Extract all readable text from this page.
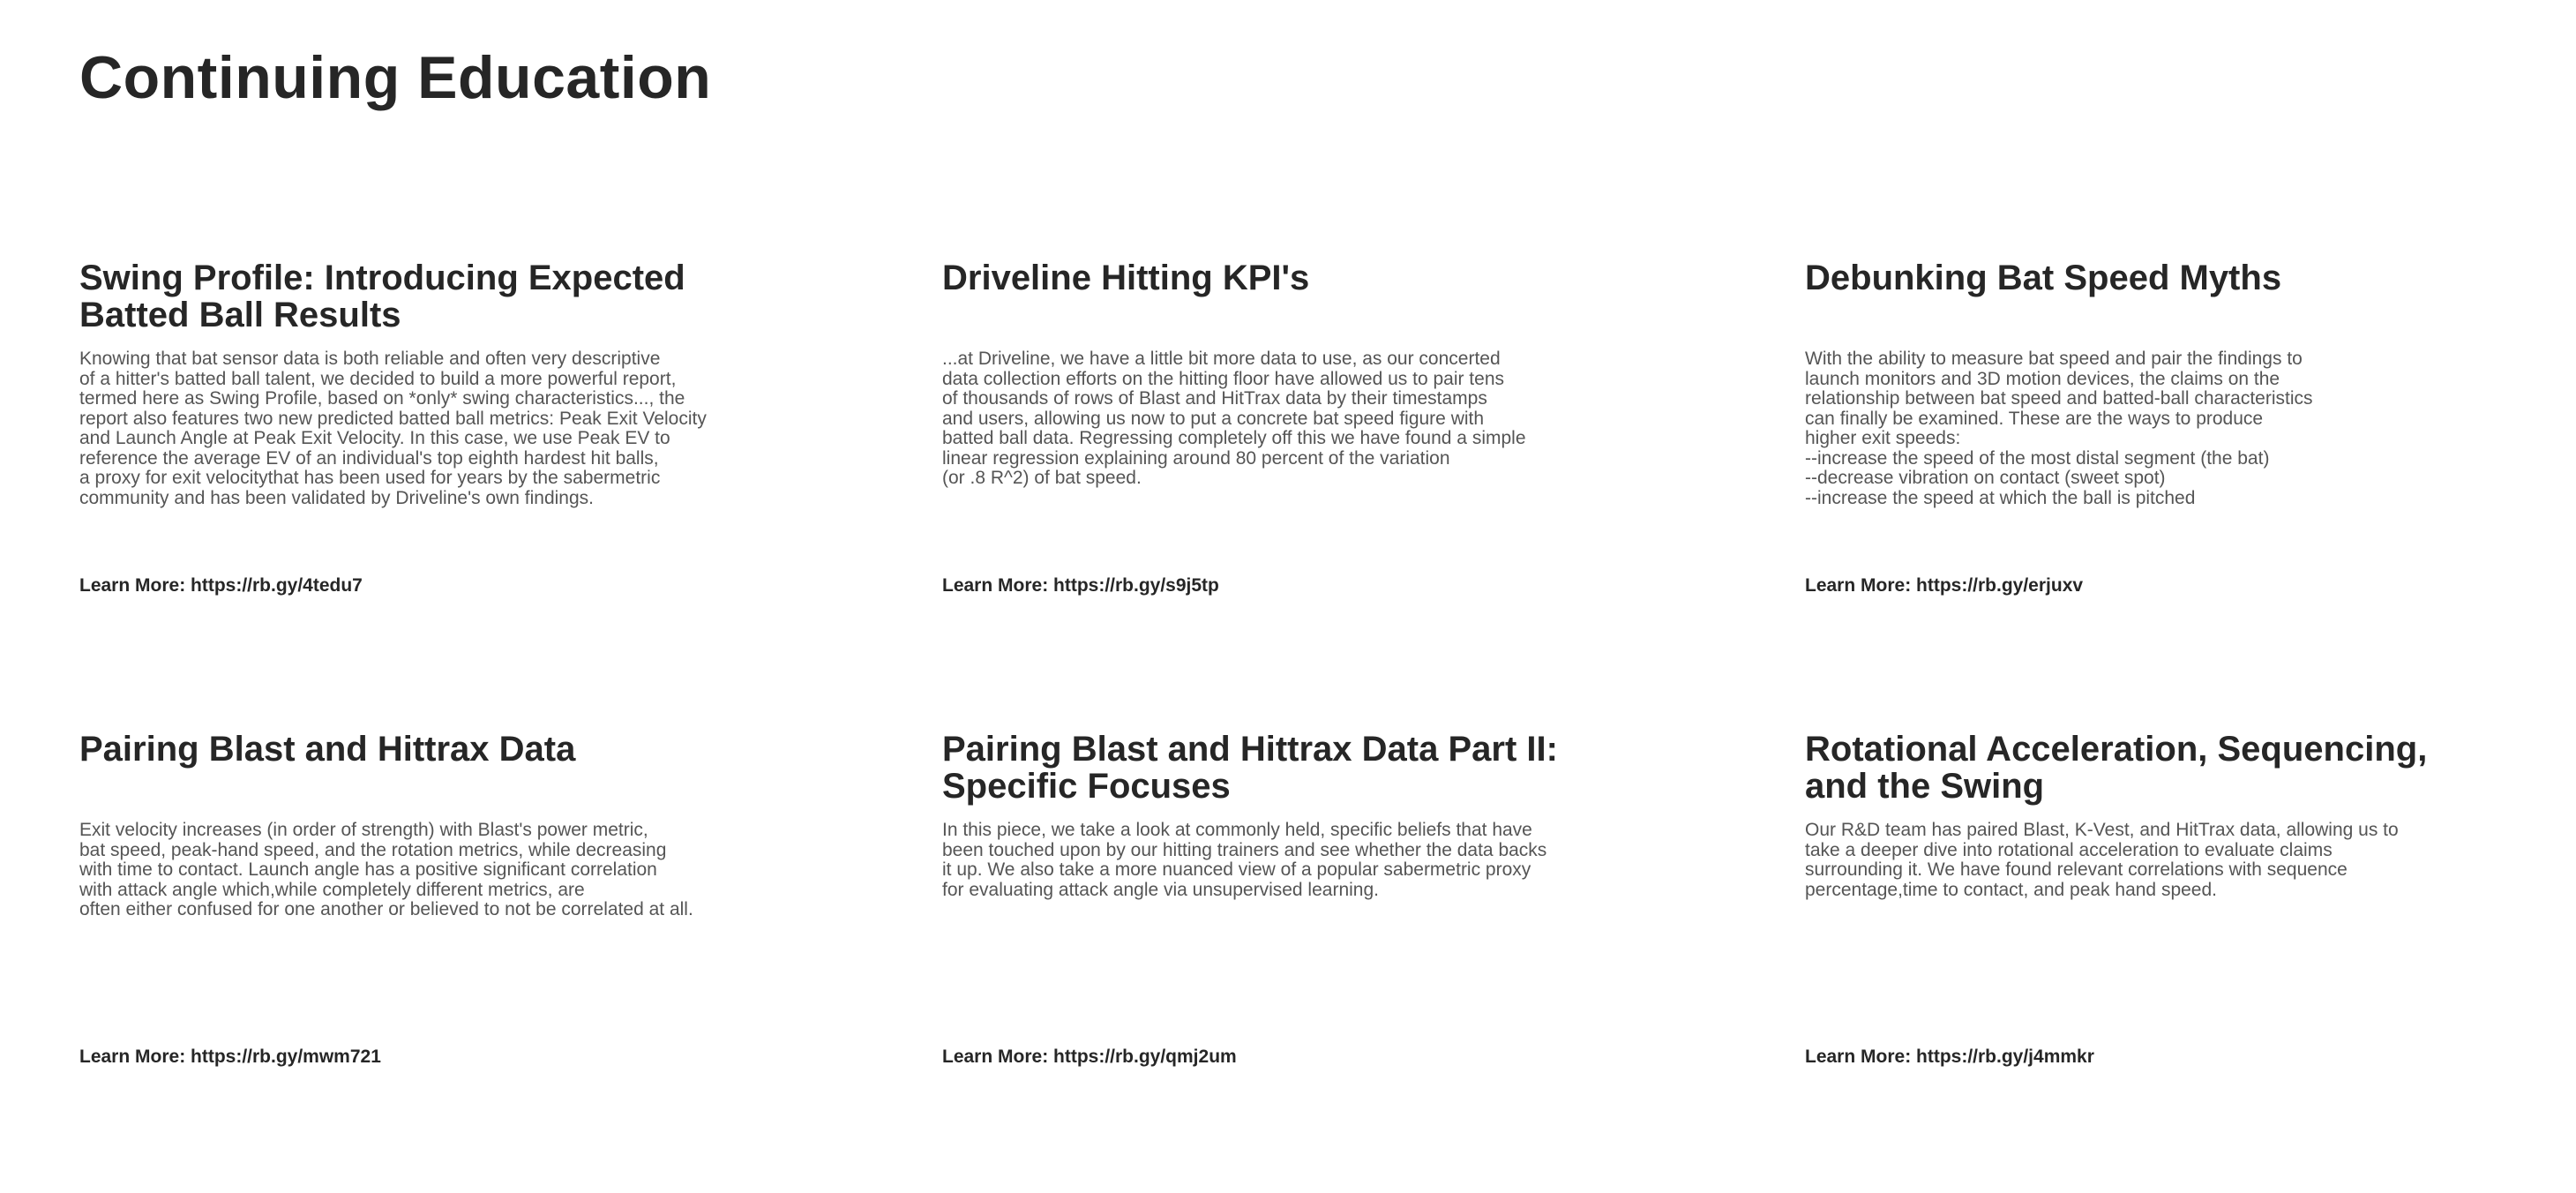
Continuing Education
Swing Profile: Introducing Expected
Batted Ball Results

Knowing that bat sensor data is both reliable and often very descriptive
of a hitter's batted ball talent, we decided to build a more powerful report,
termed here as Swing Profile, based on *only* swing characteristics..., the
report also features two new predicted batted ball metrics: Peak Exit Velocity
and Launch Angle at Peak Exit Velocity. In this case, we use Peak EV to
reference the average EV of an individual's top eighth hardest hit balls,
a proxy for exit velocitythat has been used for years by the sabermetric
community and has been validated by Driveline's own findings.

Learn More: https://rb.gy/4tedu7
Driveline Hitting KPI's

...at Driveline, we have a little bit more data to use, as our concerted
data collection efforts on the hitting floor have allowed us to pair tens
of thousands of rows of Blast and HitTrax data by their timestamps
and users, allowing us now to put a concrete bat speed figure with
batted ball data. Regressing completely off this we have found a simple
linear regression explaining around 80 percent of the variation
(or .8 R^2) of bat speed.

Learn More: https://rb.gy/s9j5tp
Debunking Bat Speed Myths

With the ability to measure bat speed and pair the findings to
launch monitors and 3D motion devices, the claims on the
relationship between bat speed and batted-ball characteristics
can finally be examined. These are the ways to produce
higher exit speeds:
--increase the speed of the most distal segment (the bat)
--decrease vibration on contact (sweet spot)
--increase the speed at which the ball is pitched

Learn More: https://rb.gy/erjuxv
Pairing Blast and Hittrax Data

Exit velocity increases (in order of strength) with Blast's power metric,
bat speed, peak-hand speed, and the rotation metrics, while decreasing
with time to contact. Launch angle has a positive significant correlation
with attack angle which,while completely different metrics, are
often either confused for one another or believed to not be correlated at all.

Learn More: https://rb.gy/mwm721
Pairing Blast and Hittrax Data Part II:
Specific Focuses

In this piece, we take a look at commonly held, specific beliefs that have
been touched upon by our hitting trainers and see whether the data backs
it up. We also take a more nuanced view of a popular sabermetric proxy
for evaluating attack angle via unsupervised learning.

Learn More: https://rb.gy/qmj2um
Rotational Acceleration, Sequencing,
and the Swing

Our R&D team has paired Blast, K-Vest, and HitTrax data, allowing us to
take a deeper dive into rotational acceleration to evaluate claims
surrounding it. We have found relevant correlations with sequence
percentage,time to contact, and peak hand speed.

Learn More: https://rb.gy/j4mmkr
